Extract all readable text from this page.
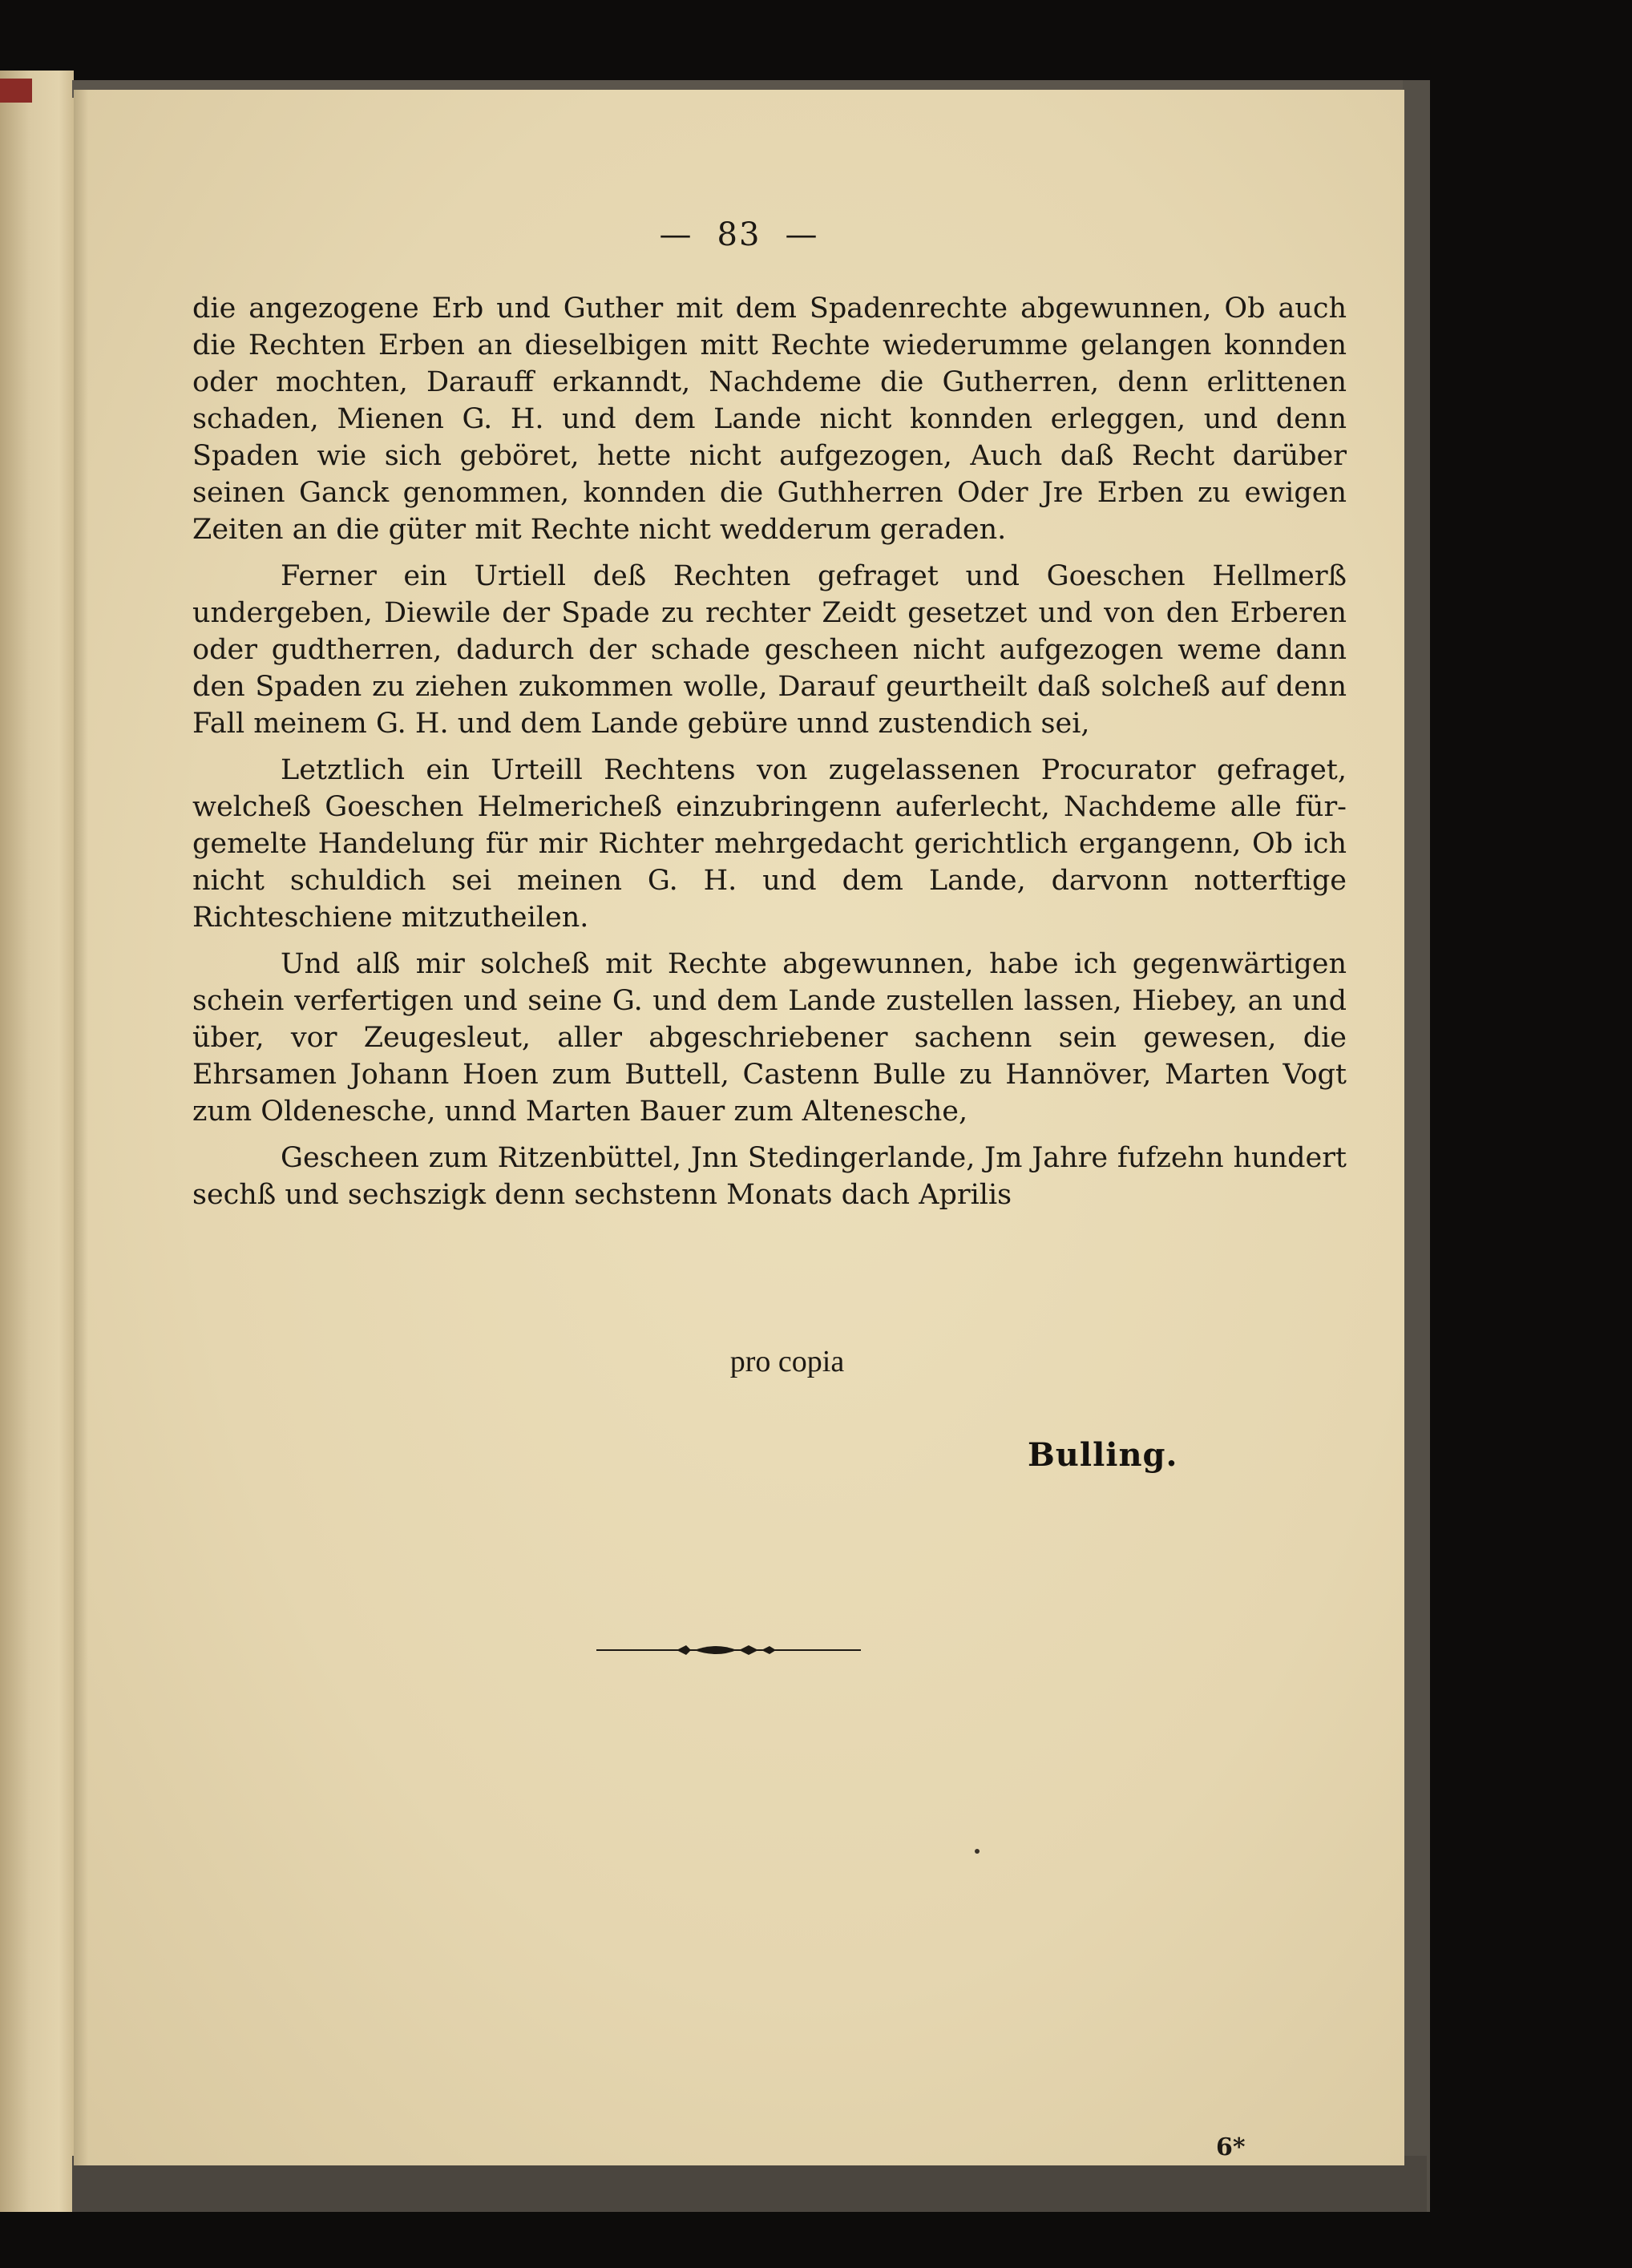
— 83 —

die angezogene Erb und Guther mit dem Spadenrechte abgewunnen, Ob auch die Rechten Erben an dieselbigen mitt Rechte wiederumme gelangen konnden oder mochten, Darauff erkanndt, Nachdeme die Gutherren, denn erlittenen schaden, Mienen G. H. und dem Lande nicht konnden erleggen, und denn Spaden wie sich geböret, hette nicht aufgezogen, Auch daß Recht darüber seinen Ganck genommen, konnden die Guthherren Oder Jre Erben zu ewigen Zeiten an die güter mit Rechte nicht wedderum geraden.

Ferner ein Urtiell deß Rechten gefraget und Goeschen Hellmerß undergeben, Diewile der Spade zu rechter Zeidt gesetzet und von den Erberen oder gudtherren, dadurch der schade gescheen nicht aufgezogen weme dann den Spaden zu ziehen zukommen wolle, Darauf geurtheilt daß solcheß auf denn Fall meinem G. H. und dem Lande gebüre unnd zustendich sei,

Letztlich ein Urteill Rechtens von zugelassenen Procurator gefraget, welcheß Goeschen Helmericheß einzubringenn auferlecht, Nachdeme alle für-gemelte Handelung für mir Richter mehrgedacht gerichtlich ergangenn, Ob ich nicht schuldich sei meinen G. H. und dem Lande, darvonn notterftige Richteschiene mitzutheilen.

Und alß mir solcheß mit Rechte abgewunnen, habe ich gegenwärtigen schein verfertigen und seine G. und dem Lande zustellen lassen, Hiebey, an und über, vor Zeugesleut, aller abgeschriebener sachenn sein gewesen, die Ehrsamen Johann Hoen zum Buttell, Castenn Bulle zu Hannöver, Marten Vogt zum Oldenesche, unnd Marten Bauer zum Altenesche,

Gescheen zum Ritzenbüttel, Jnn Stedingerlande, Jm Jahre fufzehn hundert sechß und sechszigk denn sechstenn Monats dach Aprilis

pro copia
Bulling.
6*
